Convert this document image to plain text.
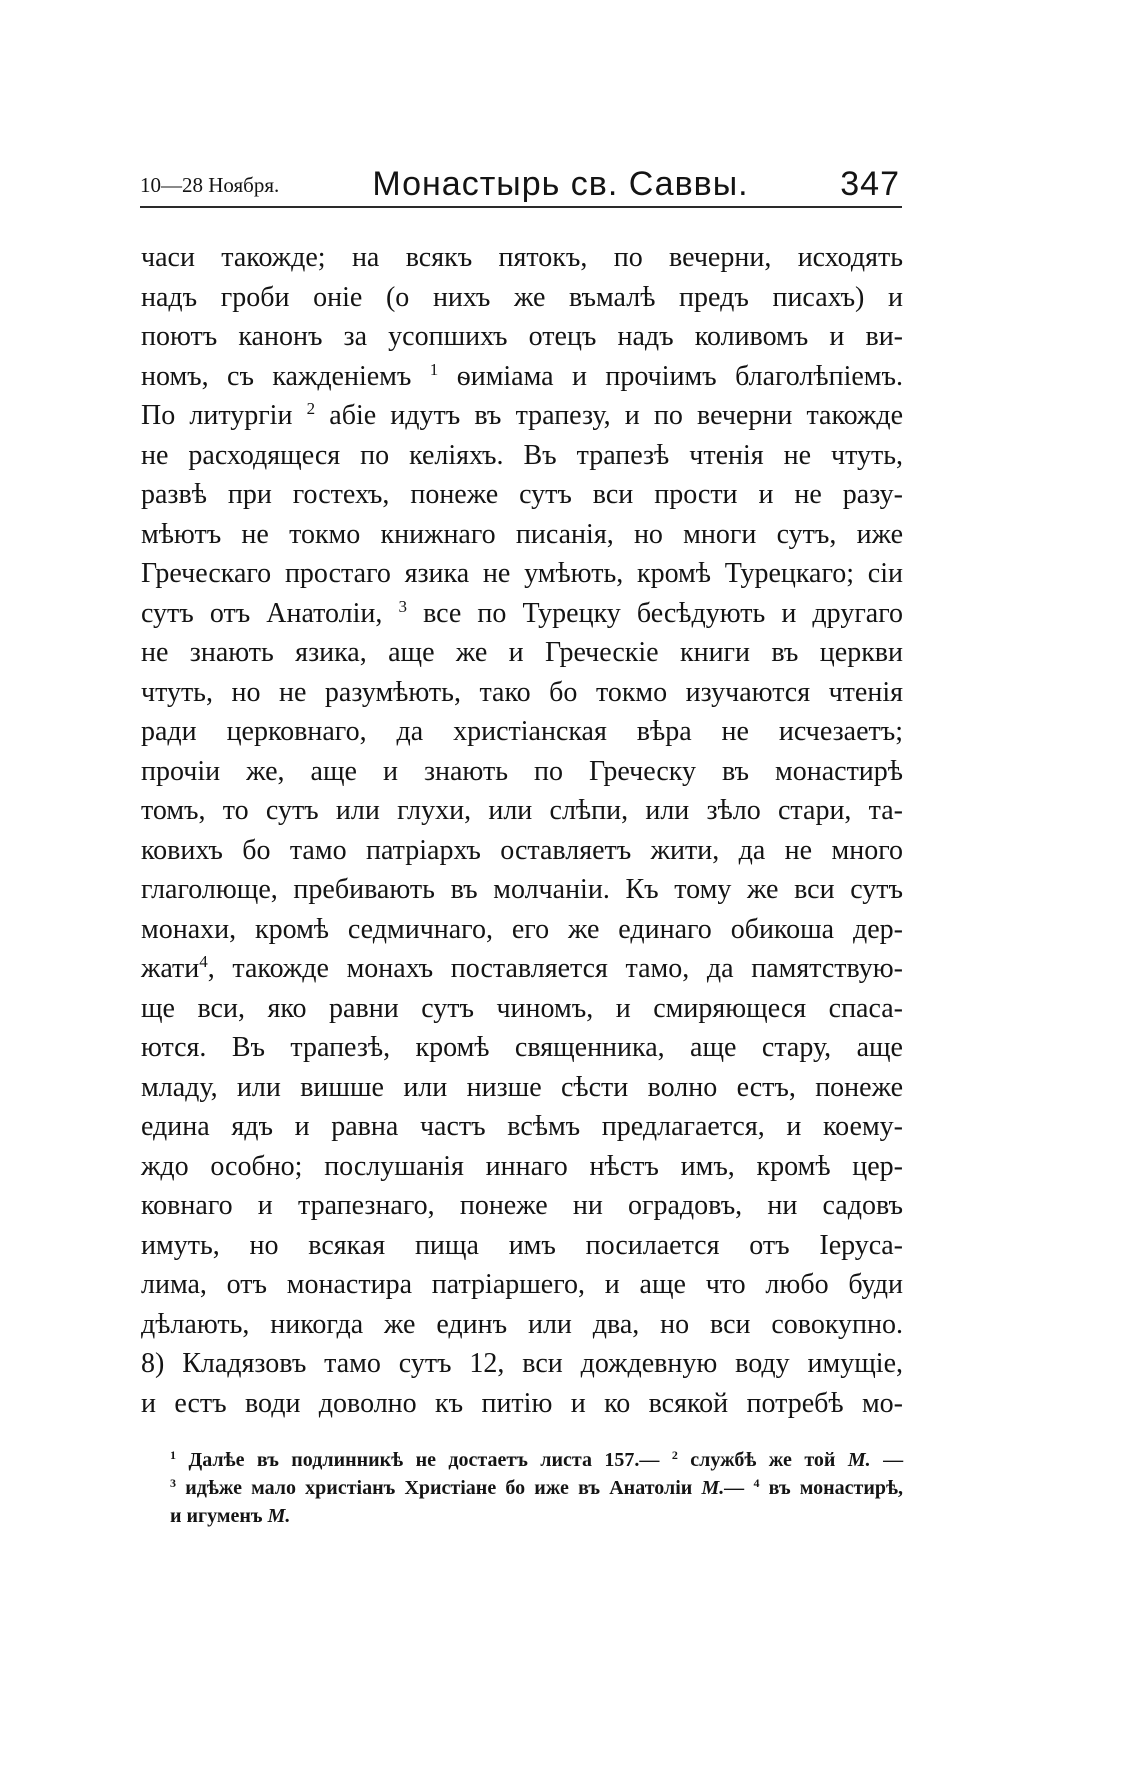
10—28 Ноября.	Монастырь св. Саввы.	347
часи такожде; на всякъ пятокъ, по вечерни, исходять
надъ гроби оніе (о нихъ же въмалѣ предъ писахъ) и
поютъ канонъ за усопшихъ отецъ надъ коливомъ и ви-
номъ, съ кажденіемъ $^1$ ѳиміама и прочіимъ благолѣпіемъ.
По литургіи $^2$ абіе идутъ въ трапезу, и по вечерни такожде
не расходящеся по келіяхъ. Въ трапезѣ чтенія не чтуть,
развѣ при гостехъ, понеже сутъ вси прости и не разу-
мѣютъ не токмо книжнаго писанія, но многи сутъ, иже
Греческаго простаго язика не умѣють, кромѣ Турецкаго; сіи
сутъ отъ Анатоліи, $^3$ все по Турецку бесѣдують и другаго
не знають язика, аще же и Греческіе книги въ церкви
чтуть, но не разумѣють, тако бо токмо изучаются чтенія
ради церковнаго, да христіанская вѣра не исчезаетъ;
прочіи же, аще и знають по Греческу въ монастирѣ
томъ, то сутъ или глухи, или слѣпи, или зѣло стари, та-
ковихъ бо тамо патріархъ оставляетъ жити, да не много
глаголюще, пребивають въ молчаніи. Къ тому же вси сутъ
монахи, кромѣ седмичнаго, его же единаго обикоша дер-
жати$^4$, такожде монахъ поставляется тамо, да памятствую-
ще вси, яко равни сутъ чиномъ, и смиряющеся спаса-
ются. Въ трапезѣ, кромѣ священника, аще стару, аще
младу, или вишше или низше сѣсти волно естъ, понеже
едина ядъ и равна частъ всѣмъ предлагается, и коему-
ждо особно; послушанія иннаго нѣстъ имъ, кромѣ цер-
ковнаго и трапезнаго, понеже ни оградовъ, ни садовъ
имуть, но всякая пища имъ посилается отъ Іерусa-
лима, отъ монастира патріаршего, и аще что любо буди
дѣлають, никогда же единъ или два, но вси совокупно.
8) Кладязовъ тамо сутъ 12, вси дождевную воду имущіе,
и естъ води доволно къ питію и ко всякой потребѣ мо-
$^1$ Далѣе въ подлинникѣ не достаетъ листа 157.— $^2$ службѣ же той М. —
$^3$ идѣже мало христіанъ Христіане бо иже въ Анатоліи М.— $^4$ въ монастирѣ,
и игуменъ М.
